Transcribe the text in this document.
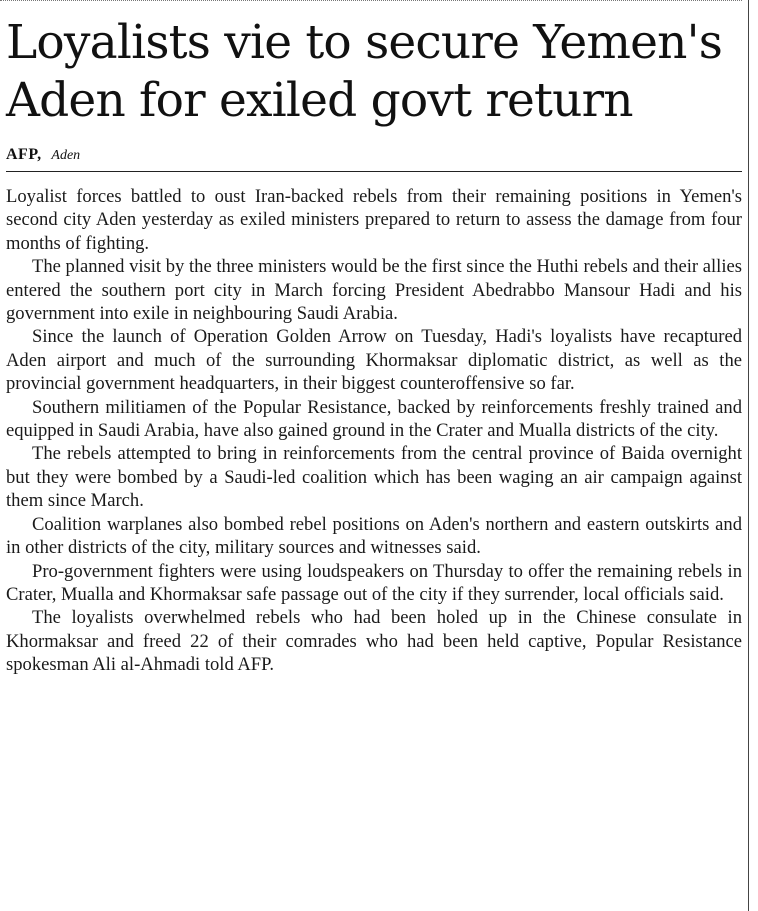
Loyalists vie to secure Yemen's Aden for exiled govt return
AFP, Aden

Loyalist forces battled to oust Iran-backed rebels from their remaining positions in Yemen's second city Aden yesterday as exiled ministers prepared to return to assess the damage from four months of fighting.

The planned visit by the three ministers would be the first since the Huthi rebels and their allies entered the southern port city in March forcing President Abedrabbo Mansour Hadi and his government into exile in neighbouring Saudi Arabia.

Since the launch of Operation Golden Arrow on Tuesday, Hadi's loyalists have recaptured Aden airport and much of the surrounding Khormaksar diplomatic district, as well as the provincial government headquarters, in their biggest counteroffensive so far.

Southern militiamen of the Popular Resistance, backed by reinforcements freshly trained and equipped in Saudi Arabia, have also gained ground in the Crater and Mualla districts of the city.

The rebels attempted to bring in reinforcements from the central province of Baida overnight but they were bombed by a Saudi-led coalition which has been waging an air campaign against them since March.

Coalition warplanes also bombed rebel positions on Aden's northern and eastern outskirts and in other districts of the city, military sources and witnesses said.

Pro-government fighters were using loudspeakers on Thursday to offer the remaining rebels in Crater, Mualla and Khormaksar safe passage out of the city if they surrender, local officials said.

The loyalists overwhelmed rebels who had been holed up in the Chinese consulate in Khormaksar and freed 22 of their comrades who had been held captive, Popular Resistance spokesman Ali al-Ahmadi told AFP.
